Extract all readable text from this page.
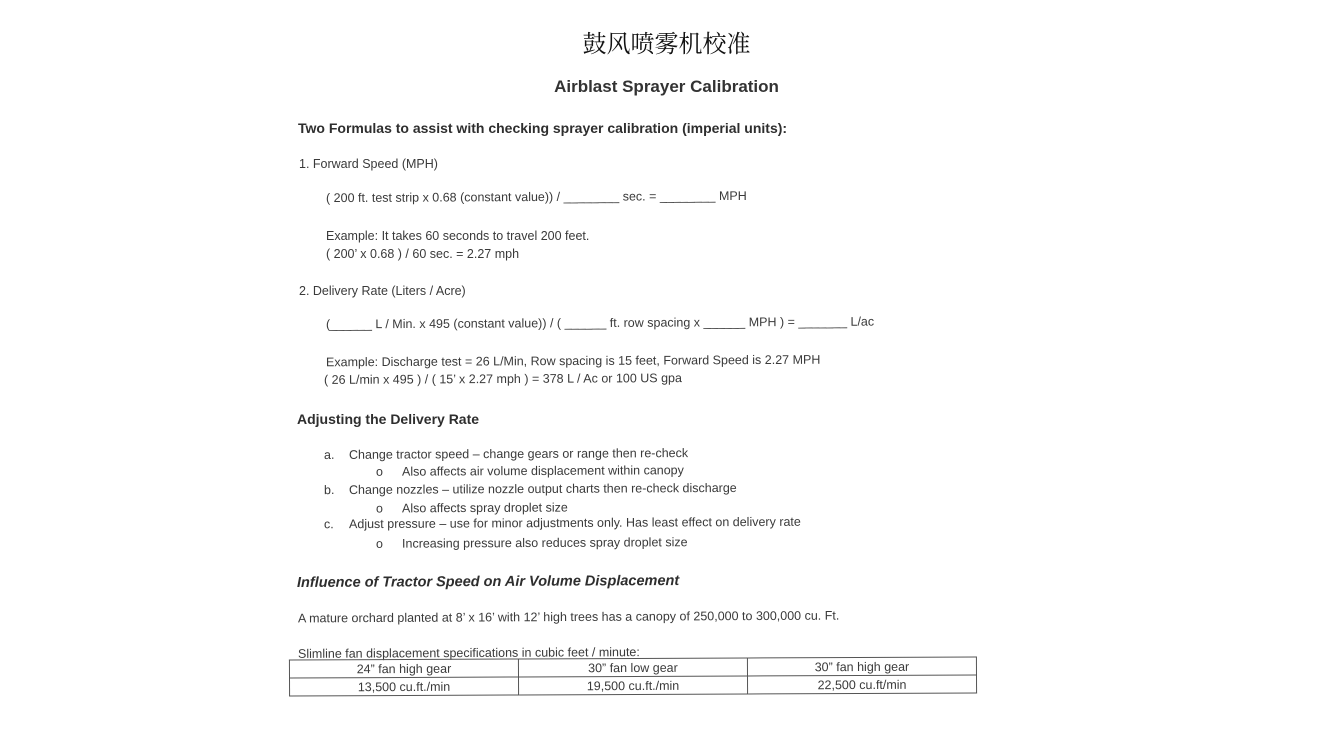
鼓风喷雾机校准
Airblast Sprayer Calibration
Two Formulas to assist with checking sprayer calibration (imperial units):
1. Forward Speed (MPH)
( 200 ft. test strip x 0.68 (constant value)) / ________ sec. = ________ MPH
Example: It takes 60 seconds to travel 200 feet.
( 200’ x 0.68 ) / 60 sec. = 2.27 mph
2. Delivery Rate (Liters / Acre)
(______ L / Min. x 495 (constant value)) / ( ______ ft. row spacing x ______ MPH ) = _______ L/ac
Example: Discharge test = 26 L/Min, Row spacing is 15 feet, Forward Speed is 2.27 MPH
( 26 L/min x 495 ) / ( 15’ x 2.27 mph ) = 378 L / Ac or 100 US gpa
Adjusting the Delivery Rate
a. Change tractor speed – change gears or range then re-check
o Also affects air volume displacement within canopy
b. Change nozzles – utilize nozzle output charts then re-check discharge
o Also affects spray droplet size
c. Adjust pressure – use for minor adjustments only. Has least effect on delivery rate
o Increasing pressure also reduces spray droplet size
Influence of Tractor Speed on Air Volume Displacement
A mature orchard planted at 8’ x 16’ with 12’ high trees has a canopy of 250,000 to 300,000 cu. Ft.
Slimline fan displacement specifications in cubic feet / minute:
24” fan high gear	30” fan low gear	30” fan high gear
13,500 cu.ft./min	19,500 cu.ft./min	22,500 cu.ft/min
